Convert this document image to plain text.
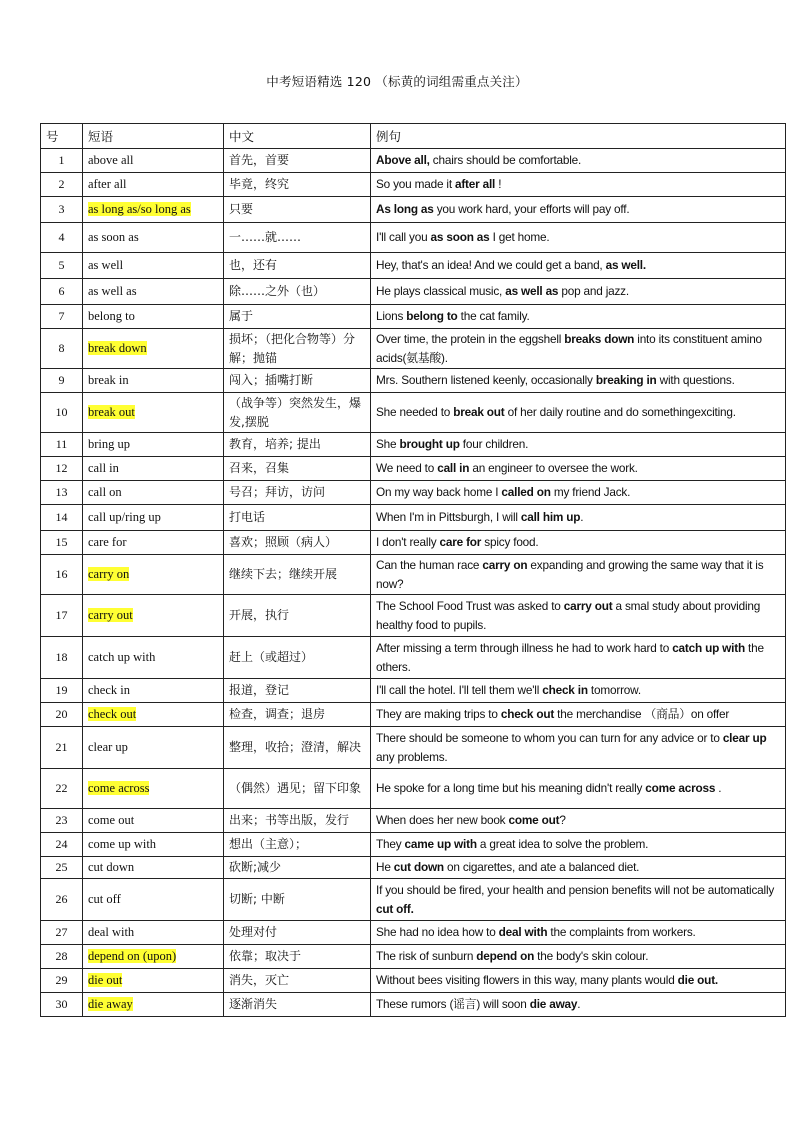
中考短语精选 120 （标黄的词组需重点关注）
号	短语	中文	例句
1	above all	首先，首要	Above all, chairs should be comfortable.
2	after all	毕竟，终究	So you made it after all !
3	as long as/so long as	只要	As long as you work hard, your efforts will pay off.
4	as soon as	一……就……	I'll call you as soon as I get home.
5	as well	也，还有	Hey, that's an idea! And we could get a band, as well.
6	as well as	除……之外（也）	He plays classical music, as well as pop and jazz.
7	belong to	属于	Lions belong to the cat family.
8	break down	损坏；（把化合物等）分解；抛锚	Over time, the protein in the eggshell breaks down into its constituent amino acids(氨基酸).
9	break in	闯入；插嘴打断	Mrs. Southern listened keenly, occasionally breaking in with questions.
10	break out	（战争等）突然发生，爆发,摆脱	She needed to break out of her daily routine and do somethingexciting.
11	bring up	教育，培养; 提出	She brought up four children.
12	call in	召来，召集	We need to call in an engineer to oversee the work.
13	call on	号召；拜访，访问	On my way back home I called on my friend Jack.
14	call up/ring up	打电话	When I'm in Pittsburgh, I will call him up.
15	care for	喜欢；照顾（病人）	I don't really care for spicy food.
16	carry on	继续下去；继续开展	Can the human race carry on expanding and growing the same way that it is now?
17	carry out	开展，执行	The School Food Trust was asked to carry out a smal study about providing healthy food to pupils.
18	catch up with	赶上（或超过）	After missing a term through illness he had to work hard to catch up with the others.
19	check in	报道，登记	I'll call the hotel. I'll tell them we'll check in tomorrow.
20	check out	检查，调查；退房	They are making trips to check out the merchandise （商品）on offer
21	clear up	整理，收拾；澄清，解决	There should be someone to whom you can turn for any advice or to clear up any problems.
22	come across	（偶然）遇见；留下印象	He spoke for a long time but his meaning didn't really come across .
23	come out	出来；书等出版，发行	When does her new book come out?
24	come up with	想出（主意）；	They came up with a great idea to solve the problem.
25	cut down	砍断;减少	He cut down on cigarettes, and ate a balanced diet.
26	cut off	切断; 中断	If you should be fired, your health and pension benefits will not be automatically cut off.
27	deal with	处理对付	She had no idea how to deal with the complaints from workers.
28	depend on (upon)	依靠；取决于	The risk of sunburn depend on the body's skin colour.
29	die out	消失，灭亡	Without bees visiting flowers in this way, many plants would die out.
30	die away	逐渐消失	These rumors (谣言) will soon die away.
